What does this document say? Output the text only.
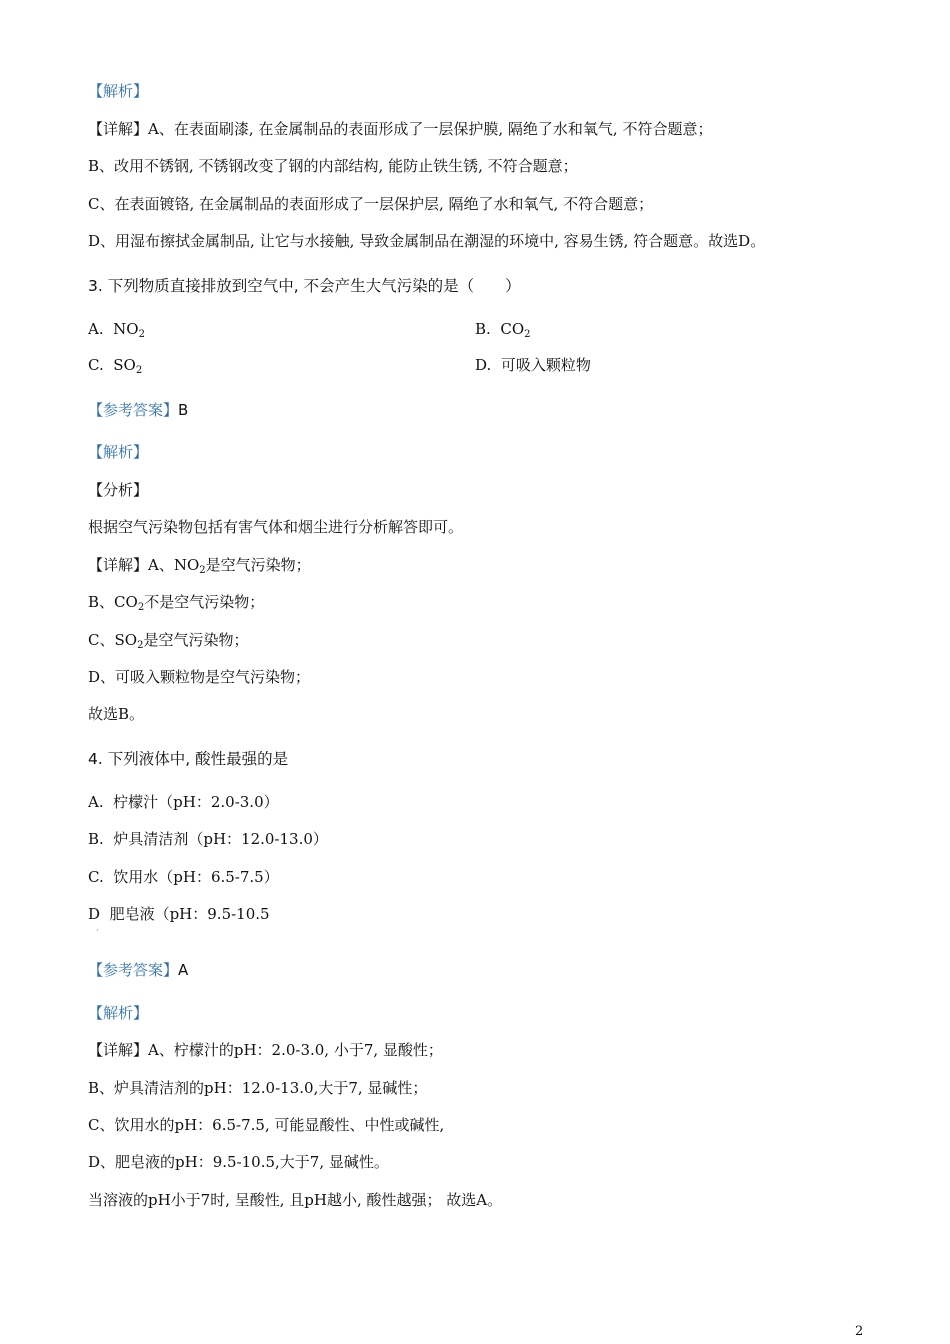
【解析】
【详解】A、在表面刷漆, 在金属制品的表面形成了一层保护膜, 隔绝了水和氧气, 不符合题意；
B、改用不锈钢, 不锈钢改变了钢的内部结构, 能防止铁生锈, 不符合题意；
C、在表面镀铬, 在金属制品的表面形成了一层保护层, 隔绝了水和氧气, 不符合题意；
D、用湿布擦拭金属制品, 让它与水接触, 导致金属制品在潮湿的环境中, 容易生锈, 符合题意。故选D。
3. 下列物质直接排放到空气中, 不会产生大气污染的是（　　）
A. $NO_2$	B. $CO_2$
C. $SO_2$	D. 可吸入颗粒物
【参考答案】B
【解析】
【分析】
根据空气污染物包括有害气体和烟尘进行分析解答即可。
【详解】A、$NO_2$是空气污染物；
B、$CO_2$不是空气污染物；
C、$SO_2$是空气污染物；
D、可吸入颗粒物是空气污染物；
故选B。
4. 下列液体中, 酸性最强的是
A. 柠檬汁（pH：2.0-3.0）
B. 炉具清洁剂（pH：12.0-13.0）
C. 饮用水（pH：6.5-7.5）
D 肥皂液（pH：9.5-10.5
·
【参考答案】A
【解析】
【详解】A、柠檬汁的pH：2.0-3.0, 小于7, 显酸性；
B、炉具清洁剂的pH：12.0-13.0,大于7, 显碱性；
C、饮用水的pH：6.5-7.5, 可能显酸性、中性或碱性,
D、肥皂液的pH：9.5-10.5,大于7, 显碱性。
当溶液的pH小于7时, 呈酸性, 且pH越小, 酸性越强； 故选A。
2
